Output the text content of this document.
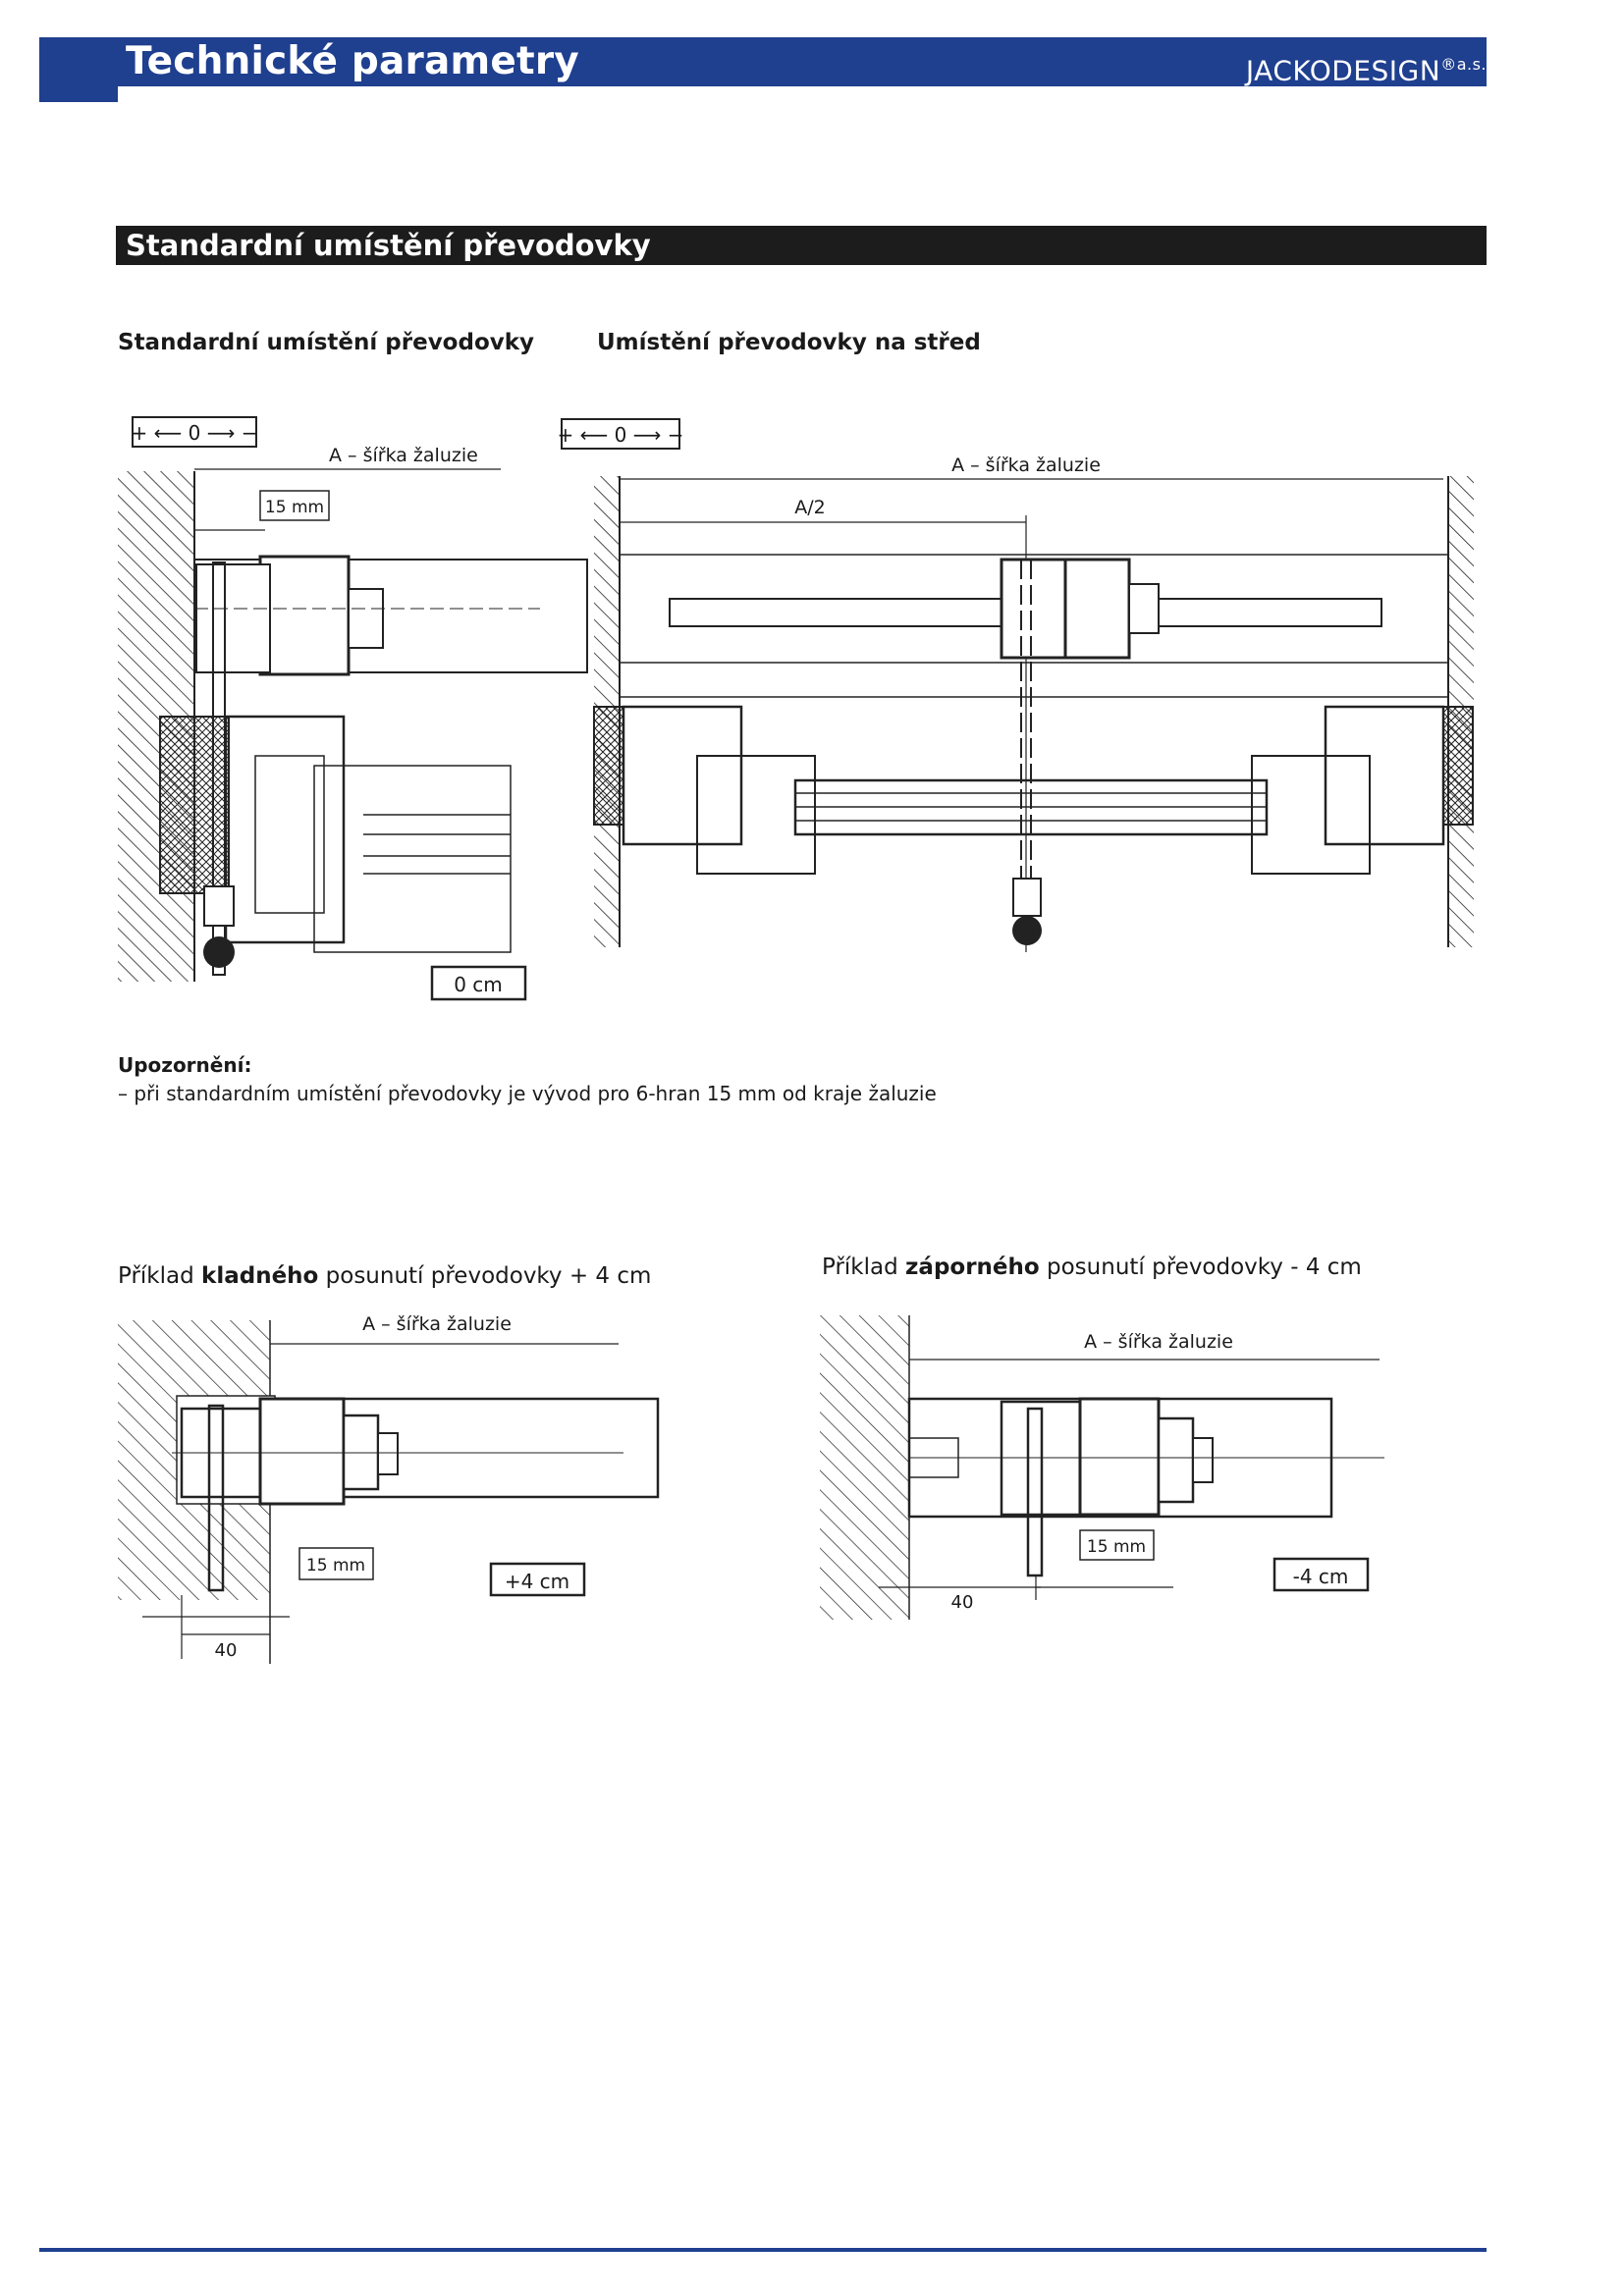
Technické parametry	$JACKODESIGN^{®a.s.}$
Standardní umístění převodovky
Standardní umístění převodovky	Umístění převodovky na střed
+ ⟵ 0 ⟶ −
A – šířka žaluzie
15 mm
0 cm
+ ⟵ 0 ⟶ −
A – šířka žaluzie
A/2
Upozornění:
– při standardním umístění převodovky je vývod pro 6-hran 15 mm od kraje žaluzie
Příklad kladného posunutí převodovky + 4 cm	Příklad záporného posunutí převodovky - 4 cm
A – šířka žaluzie
15 mm
+4 cm
40
A – šířka žaluzie
15 mm
-4 cm
40
